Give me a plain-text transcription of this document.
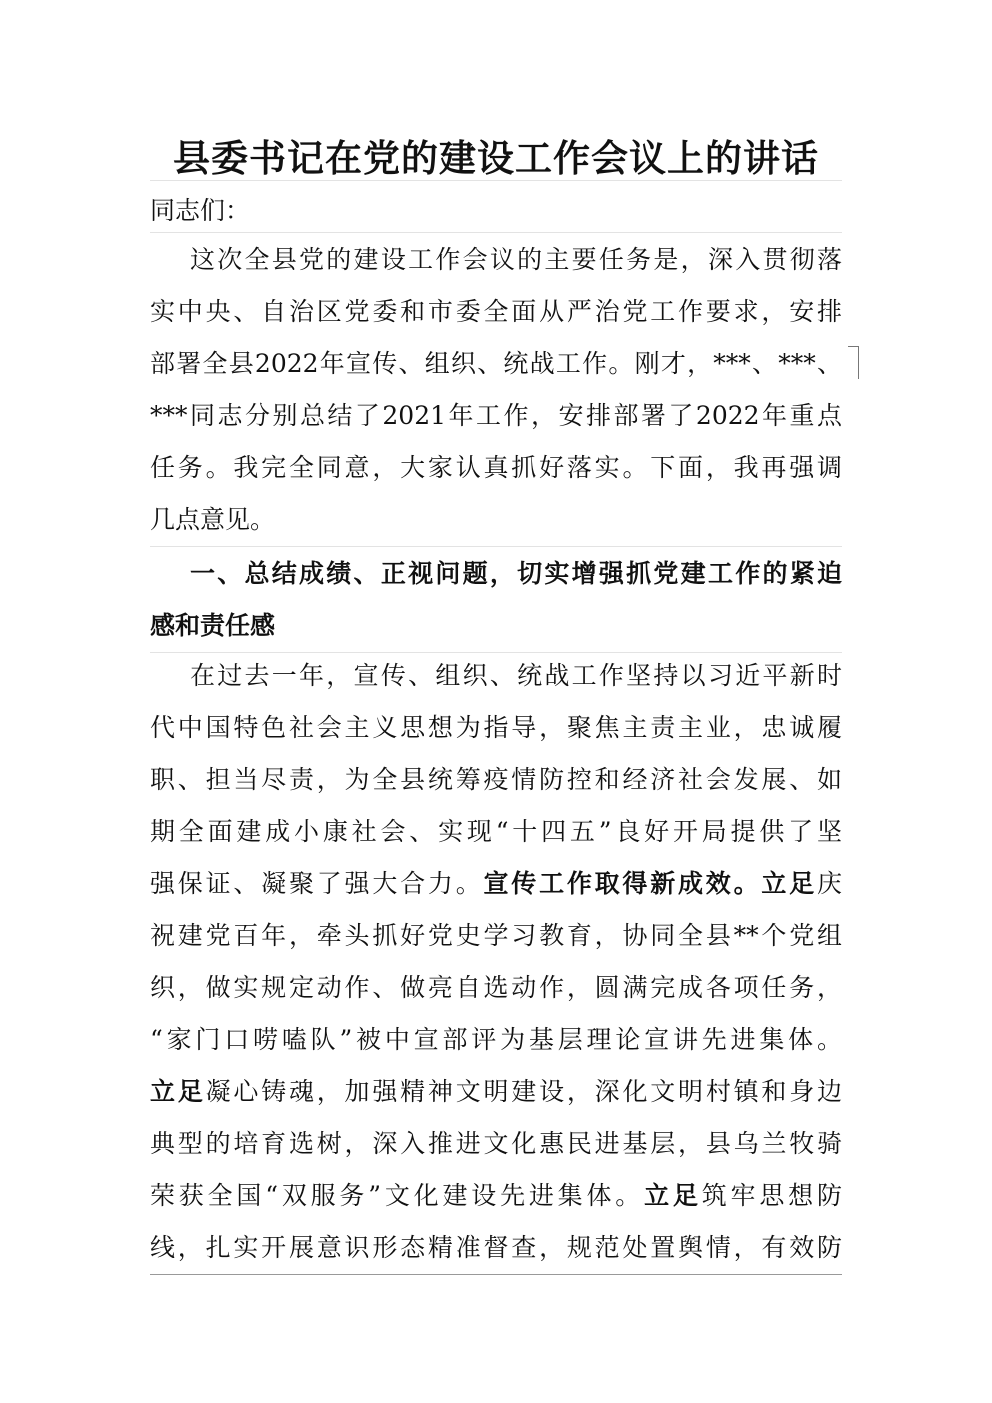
县委书记在党的建设工作会议上的讲话
同志们：
这次全县党的建设工作会议的主要任务是，深入贯彻落
实中央、自治区党委和市委全面从严治党工作要求，安排
部署全县2022年宣传、组织、统战工作。刚才，***、***、
***同志分别总结了2021年工作，安排部署了2022年重点
任务。我完全同意，大家认真抓好落实。下面，我再强调
几点意见。
一、总结成绩、正视问题，切实增强抓党建工作的紧迫
感和责任感
在过去一年，宣传、组织、统战工作坚持以习近平新时
代中国特色社会主义思想为指导，聚焦主责主业，忠诚履
职、担当尽责，为全县统筹疫情防控和经济社会发展、如
期全面建成小康社会、实现“十四五”良好开局提供了坚
强保证、凝聚了强大合力。宣传工作取得新成效。立足庆
祝建党百年，牵头抓好党史学习教育，协同全县**个党组
织，做实规定动作、做亮自选动作，圆满完成各项任务，
“家门口唠嗑队”被中宣部评为基层理论宣讲先进集体。
立足凝心铸魂，加强精神文明建设，深化文明村镇和身边
典型的培育选树，深入推进文化惠民进基层，县乌兰牧骑
荣获全国“双服务”文化建设先进集体。立足筑牢思想防
线，扎实开展意识形态精准督查，规范处置舆情，有效防
